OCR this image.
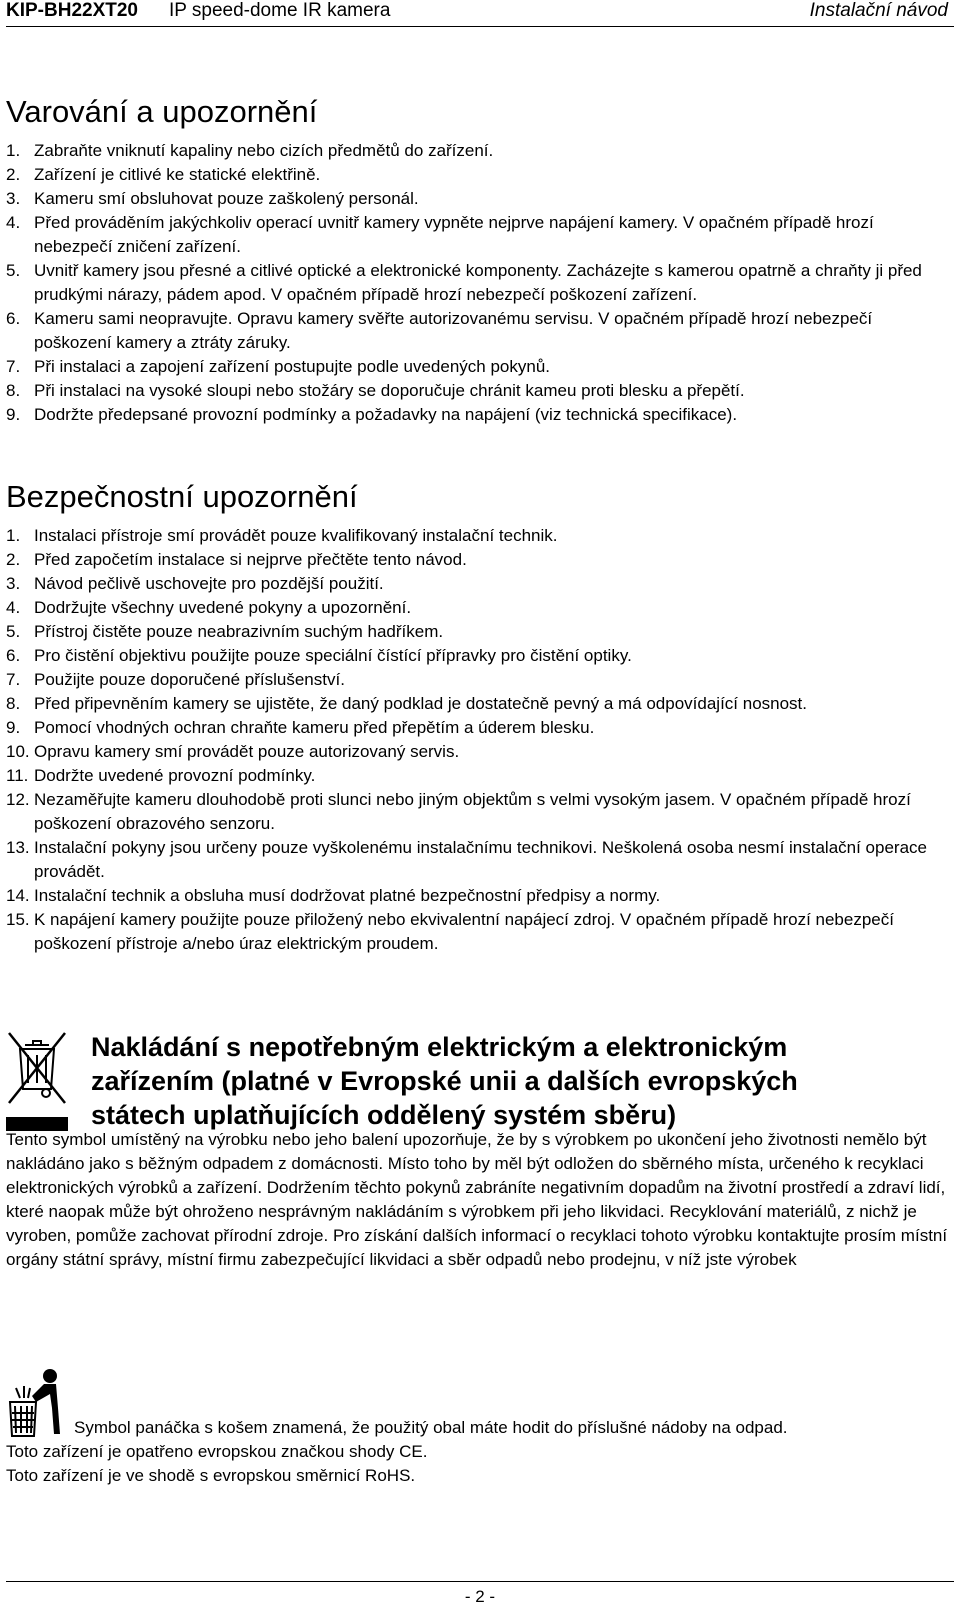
KIP-BH22XT20 IP speed-dome IR kamera	Instalační návod
Varování a upozornění
1. Zabraňte vniknutí kapaliny nebo cizích předmětů do zařízení.
2. Zařízení je citlivé ke statické elektřině.
3. Kameru smí obsluhovat pouze zaškolený personál.
4. Před prováděním jakýchkoliv operací uvnitř kamery vypněte nejprve napájení kamery. V opačném případě hrozí nebezpečí zničení zařízení.
5. Uvnitř kamery jsou přesné a citlivé optické a elektronické komponenty. Zacházejte s kamerou opatrně a chraňty ji před prudkými nárazy, pádem apod. V opačném případě hrozí nebezpečí poškození zařízení.
6. Kameru sami neopravujte. Opravu kamery svěřte autorizovanému servisu. V opačném případě hrozí nebezpečí poškození kamery a ztráty záruky.
7. Při instalaci a zapojení zařízení postupujte podle uvedených pokynů.
8. Při instalaci na vysoké sloupi nebo stožáry se doporučuje chránit kameu proti blesku a přepětí.
9. Dodržte předepsané provozní podmínky a požadavky na napájení (viz technická specifikace).
Bezpečnostní upozornění
1. Instalaci přístroje smí provádět pouze kvalifikovaný instalační technik.
2. Před započetím instalace si nejprve přečtěte tento návod.
3. Návod pečlivě uschovejte pro pozdější použití.
4. Dodržujte všechny uvedené pokyny a upozornění.
5. Přístroj čistěte pouze neabrazivním suchým hadříkem.
6. Pro čistění objektivu použijte pouze speciální čístící přípravky pro čistění optiky.
7. Použijte pouze doporučené příslušenství.
8. Před připevněním kamery se ujistěte, že daný podklad je dostatečně pevný a má odpovídající nosnost.
9. Pomocí vhodných ochran chraňte kameru před přepětím a úderem blesku.
10. Opravu kamery smí provádět pouze autorizovaný servis.
11. Dodržte uvedené provozní podmínky.
12. Nezaměřujte kameru dlouhodobě proti slunci nebo jiným objektům s velmi vysokým jasem. V opačném případě hrozí poškození obrazového senzoru.
13. Instalační pokyny jsou určeny pouze vyškolenému instalačnímu technikovi. Neškolená osoba nesmí instalační operace provádět.
14. Instalační technik a obsluha musí dodržovat platné bezpečnostní předpisy a normy.
15. K napájení kamery použijte pouze přiložený nebo ekvivalentní napájecí zdroj. V opačném případě hrozí nebezpečí poškození přístroje a/nebo úraz elektrickým proudem.
Nakládání s nepotřebným elektrickým a elektronickým zařízením (platné v Evropské unii a dalších evropských státech uplatňujících oddělený systém sběru)

Tento symbol umístěný na výrobku nebo jeho balení upozorňuje, že by s výrobkem po ukončení jeho životnosti nemělo být nakládáno jako s běžným odpadem z domácnosti. Místo toho by měl být odložen do sběrného místa, určeného k recyklaci elektronických výrobků a zařízení. Dodržením těchto pokynů zabráníte negativním dopadům na životní prostředí a zdraví lidí, které naopak může být ohroženo nesprávným nakládáním s výrobkem při jeho likvidaci. Recyklování materiálů, z nichž je vyroben, pomůže zachovat přírodní zdroje. Pro získání dalších informací o recyklaci tohoto výrobku kontaktujte prosím místní orgány státní správy, místní firmu zabezpečující likvidaci a sběr odpadů nebo prodejnu, v níž jste výrobek

Symbol panáčka s košem znamená, že použitý obal máte hodit do příslušné nádoby na odpad.

Toto zařízení je opatřeno evropskou značkou shody CE.

Toto zařízení je ve shodě s evropskou směrnicí RoHS.

- 2 -
